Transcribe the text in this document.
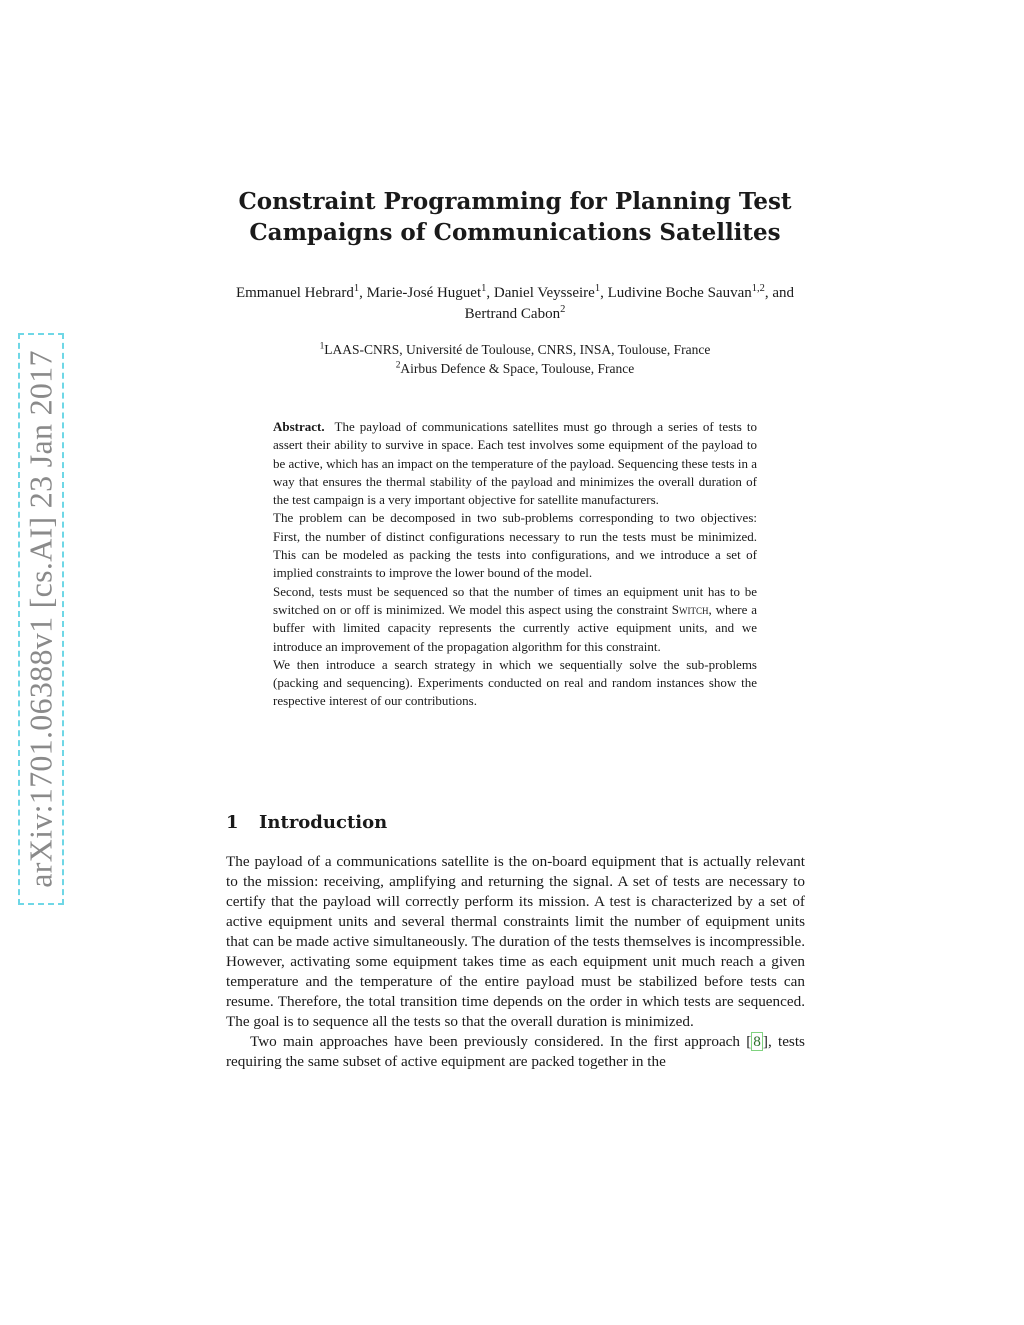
arXiv:1701.06388v1 [cs.AI] 23 Jan 2017
Constraint Programming for Planning Test
Campaigns of Communications Satellites
Emmanuel Hebrard$^1$, Marie-José Huguet$^1$, Daniel Veysseire$^1$, Ludivine Boche Sauvan$^{1,2}$, and Bertrand Cabon$^2$
$^1$LAAS-CNRS, Université de Toulouse, CNRS, INSA, Toulouse, France
$^2$Airbus Defence & Space, Toulouse, France

Abstract. The payload of communications satellites must go through a series of tests to assert their ability to survive in space. Each test involves some equipment of the payload to be active, which has an impact on the temperature of the payload. Sequencing these tests in a way that ensures the thermal stability of the payload and minimizes the overall duration of the test campaign is a very important objective for satellite manufacturers.

The problem can be decomposed in two sub-problems corresponding to two objectives: First, the number of distinct configurations necessary to run the tests must be minimized. This can be modeled as packing the tests into configurations, and we introduce a set of implied constraints to improve the lower bound of the model.

Second, tests must be sequenced so that the number of times an equipment unit has to be switched on or off is minimized. We model this aspect using the constraint Switch, where a buffer with limited capacity represents the currently active equipment units, and we introduce an improvement of the propagation algorithm for this constraint.

We then introduce a search strategy in which we sequentially solve the sub-problems (packing and sequencing). Experiments conducted on real and random instances show the respective interest of our contributions.

1 Introduction

The payload of a communications satellite is the on-board equipment that is actually relevant to the mission: receiving, amplifying and returning the signal. A set of tests are necessary to certify that the payload will correctly perform its mission. A test is characterized by a set of active equipment units and several thermal constraints limit the number of equipment units that can be made active simultaneously. The duration of the tests themselves is incompressible. However, activating some equipment takes time as each equipment unit much reach a given temperature and the temperature of the entire payload must be stabilized before tests can resume. Therefore, the total transition time depends on the order in which tests are sequenced. The goal is to sequence all the tests so that the overall duration is minimized.

Two main approaches have been previously considered. In the first approach [ 8 ], tests requiring the same subset of active equipment are packed together in the
